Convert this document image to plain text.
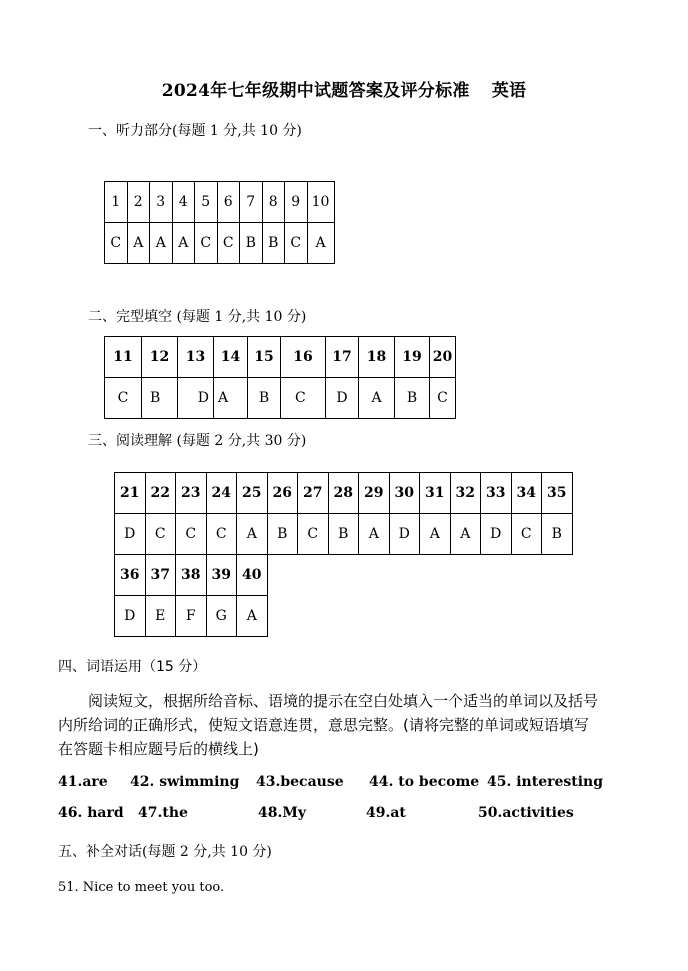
2024年七年级期中试题答案及评分标准 英语
一、听力部分(每题 1 分,共 10 分)
1	2	3	4	5	6	7	8	9	10
C	A	A	A	C	C	B	B	C	A
二、完型填空 (每题 1 分,共 10 分)
11	12	13	14	15	16	17	18	19	20
C	B	D	A	B	C	D	A	B	C
三、阅读理解 (每题 2 分,共 30 分)
21	22	23	24	25	26	27	28	29	30	31	32	33	34	35
D	C	C	C	A	B	C	B	A	D	A	A	D	C	B
36	37	38	39	40										
D	E	F	G	A										
四、词语运用（15 分）
阅读短文，根据所给音标、语境的提示在空白处填入一个适当的单词以及括号
内所给词的正确形式，使短文语意连贯，意思完整。(请将完整的单词或短语填写
在答题卡相应题号后的横线上)
41.are 42. swimming 43.because 44. to become 45. interesting
46. hard 47.the	48.My	49.at	50.activities
五、补全对话(每题 2 分,共 10 分)
51. Nice to meet you too.
